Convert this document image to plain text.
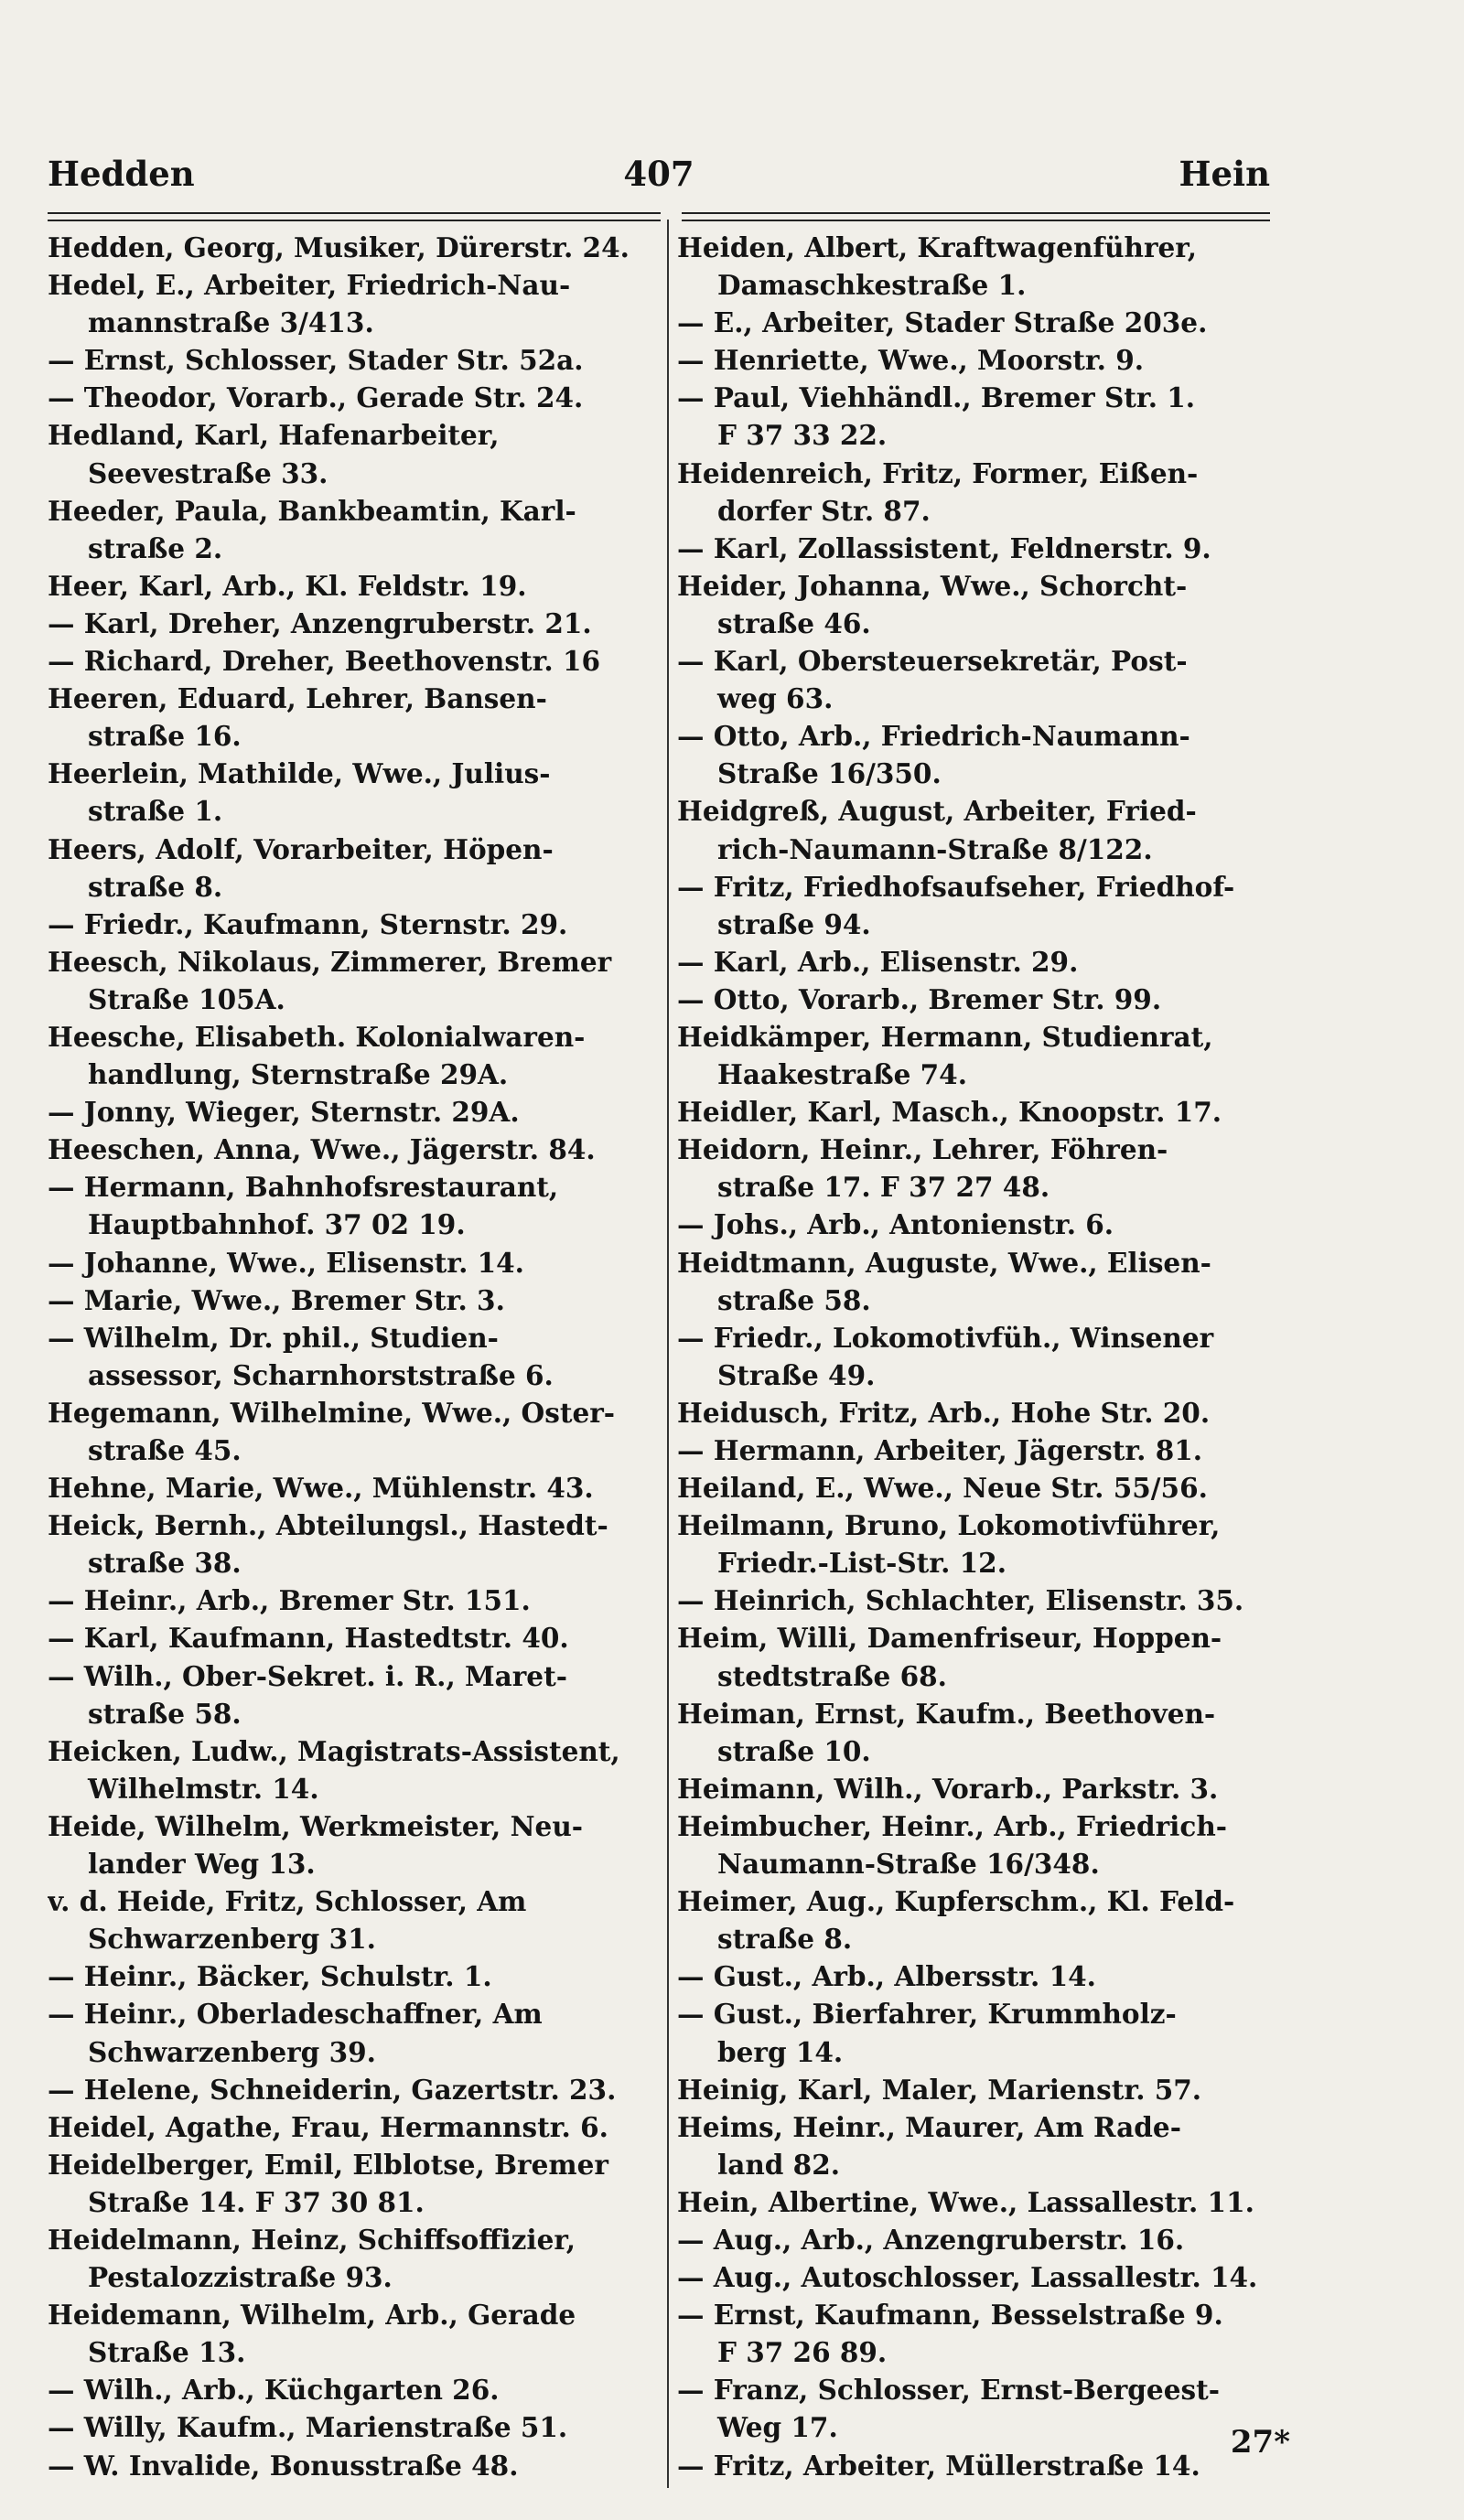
Hedden	407	Hein
Hedden, Georg, Musiker, Dürerstr. 24.
Hedel, E., Arbeiter, Friedrich-Nau-
mannstraße 3/413.
— Ernst, Schlosser, Stader Str. 52a.
— Theodor, Vorarb., Gerade Str. 24.
Hedland, Karl, Hafenarbeiter,
Seevestraße 33.
Heeder, Paula, Bankbeamtin, Karl-
straße 2.
Heer, Karl, Arb., Kl. Feldstr. 19.
— Karl, Dreher, Anzengruberstr. 21.
— Richard, Dreher, Beethovenstr. 16
Heeren, Eduard, Lehrer, Bansen-
straße 16.
Heerlein, Mathilde, Wwe., Julius-
straße 1.
Heers, Adolf, Vorarbeiter, Höpen-
straße 8.
— Friedr., Kaufmann, Sternstr. 29.
Heesch, Nikolaus, Zimmerer, Bremer
Straße 105A.
Heesche, Elisabeth. Kolonialwaren-
handlung, Sternstraße 29A.
— Jonny, Wieger, Sternstr. 29A.
Heeschen, Anna, Wwe., Jägerstr. 84.
— Hermann, Bahnhofsrestaurant,
Hauptbahnhof. 37 02 19.
— Johanne, Wwe., Elisenstr. 14.
— Marie, Wwe., Bremer Str. 3.
— Wilhelm, Dr. phil., Studien-
assessor, Scharnhorststraße 6.
Hegemann, Wilhelmine, Wwe., Oster-
straße 45.
Hehne, Marie, Wwe., Mühlenstr. 43.
Heick, Bernh., Abteilungsl., Hastedt-
straße 38.
— Heinr., Arb., Bremer Str. 151.
— Karl, Kaufmann, Hastedtstr. 40.
— Wilh., Ober-Sekret. i. R., Maret-
straße 58.
Heicken, Ludw., Magistrats-Assistent,
Wilhelmstr. 14.
Heide, Wilhelm, Werkmeister, Neu-
lander Weg 13.
v. d. Heide, Fritz, Schlosser, Am
Schwarzenberg 31.
— Heinr., Bäcker, Schulstr. 1.
— Heinr., Oberladeschaffner, Am
Schwarzenberg 39.
— Helene, Schneiderin, Gazertstr. 23.
Heidel, Agathe, Frau, Hermannstr. 6.
Heidelberger, Emil, Elblotse, Bremer
Straße 14. F 37 30 81.
Heidelmann, Heinz, Schiffsoffizier,
Pestalozzistraße 93.
Heidemann, Wilhelm, Arb., Gerade
Straße 13.
— Wilh., Arb., Küchgarten 26.
— Willy, Kaufm., Marienstraße 51.
— W. Invalide, Bonusstraße 48.
Heiden, Albert, Kraftwagenführer,
Damaschkestraße 1.
— E., Arbeiter, Stader Straße 203e.
— Henriette, Wwe., Moorstr. 9.
— Paul, Viehhändl., Bremer Str. 1.
F 37 33 22.
Heidenreich, Fritz, Former, Eißen-
dorfer Str. 87.
— Karl, Zollassistent, Feldnerstr. 9.
Heider, Johanna, Wwe., Schorcht-
straße 46.
— Karl, Obersteuersekretär, Post-
weg 63.
— Otto, Arb., Friedrich-Naumann-
Straße 16/350.
Heidgreß, August, Arbeiter, Fried-
rich-Naumann-Straße 8/122.
— Fritz, Friedhofsaufseher, Friedhof-
straße 94.
— Karl, Arb., Elisenstr. 29.
— Otto, Vorarb., Bremer Str. 99.
Heidkämper, Hermann, Studienrat,
Haakestraße 74.
Heidler, Karl, Masch., Knoopstr. 17.
Heidorn, Heinr., Lehrer, Föhren-
straße 17. F 37 27 48.
— Johs., Arb., Antonienstr. 6.
Heidtmann, Auguste, Wwe., Elisen-
straße 58.
— Friedr., Lokomotivfüh., Winsener
Straße 49.
Heidusch, Fritz, Arb., Hohe Str. 20.
— Hermann, Arbeiter, Jägerstr. 81.
Heiland, E., Wwe., Neue Str. 55/56.
Heilmann, Bruno, Lokomotivführer,
Friedr.-List-Str. 12.
— Heinrich, Schlachter, Elisenstr. 35.
Heim, Willi, Damenfriseur, Hoppen-
stedtstraße 68.
Heiman, Ernst, Kaufm., Beethoven-
straße 10.
Heimann, Wilh., Vorarb., Parkstr. 3.
Heimbucher, Heinr., Arb., Friedrich-
Naumann-Straße 16/348.
Heimer, Aug., Kupferschm., Kl. Feld-
straße 8.
— Gust., Arb., Albersstr. 14.
— Gust., Bierfahrer, Krummholz-
berg 14.
Heinig, Karl, Maler, Marienstr. 57.
Heims, Heinr., Maurer, Am Rade-
land 82.
Hein, Albertine, Wwe., Lassallestr. 11.
— Aug., Arb., Anzengruberstr. 16.
— Aug., Autoschlosser, Lassallestr. 14.
— Ernst, Kaufmann, Besselstraße 9.
F 37 26 89.
— Franz, Schlosser, Ernst-Bergeest-
Weg 17.
— Fritz, Arbeiter, Müllerstraße 14.
27*
